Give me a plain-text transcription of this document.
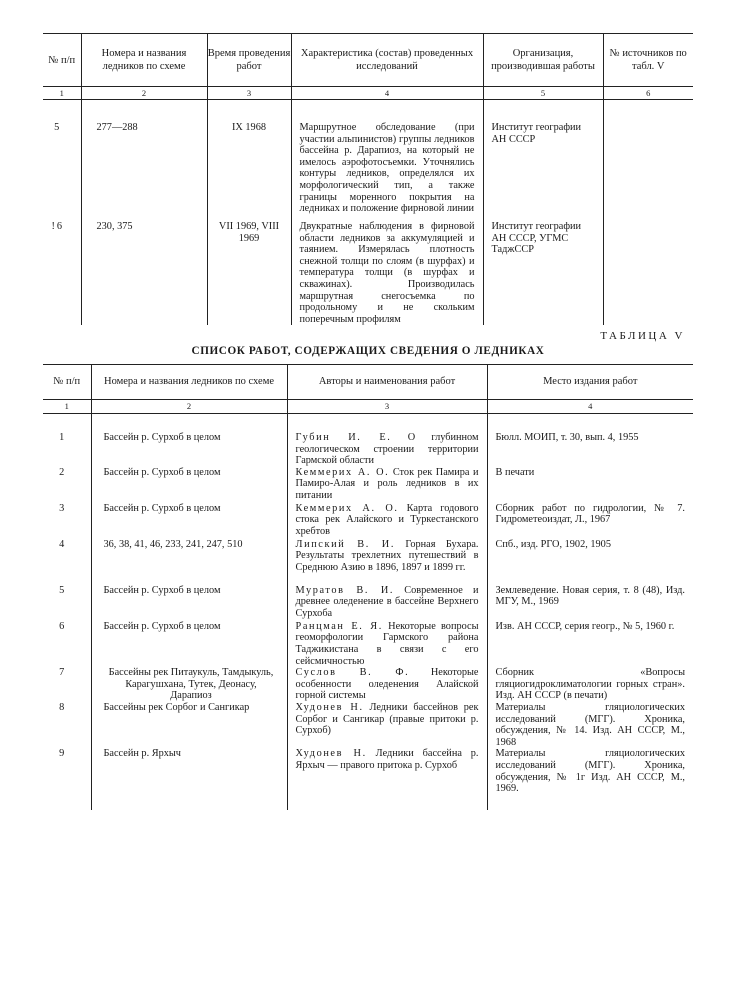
№ п/п	Номера и названия ледников по схеме	Время проведения работ	Характеристика (состав) проведенных исследований	Организация, производившая работы	№ источников по табл. V
1	2	3	4	5	6
5	277—288	IX 1968	Маршрутное обследование (при участии альпинистов) группы ледников бассейна р. Дарапиоз, на который не имелось аэрофотосъемки. Уточнялись контуры ледников, определялся их морфологический тип, а также границы моренного покрытия на ледниках и положение фирновой линии	Институт географии АН СССР	
! 6	230, 375	VII 1969, VIII 1969	Двукратные наблюдения в фирновой области ледников за аккумуляцией и таянием. Измерялась плотность снежной толщи по слоям (в шурфах) и температура толщи (в шурфах и скважинах). Производилась маршрутная снегосъемка по продольному и не скольким поперечным профилям	Институт географии АН СССР, УГМС ТаджССР	
ТАБЛИЦА V
СПИСОК РАБОТ, СОДЕРЖАЩИХ СВЕДЕНИЯ О ЛЕДНИКАХ
№ п/п	Номера и названия ледников по схеме	Авторы и наименования работ	Место издания работ
1	2	3	4
1	Бассейн р. Сурхоб в целом	Губин И. Е. О глубинном геологическом строении территории Гармской области	Бюлл. МОИП, т. 30, вып. 4, 1955
2	Бассейн р. Сурхоб в целом	Кеммерих А. О. Сток рек Памира и Памиро-Алая и роль ледников в их питании	В печати
3	Бассейн р. Сурхоб в целом	Кеммерих А. О. Карта годового стока рек Алайского и Туркестанского хребтов	Сборник работ по гидрологии, № 7. Гидрометеоиздат, Л., 1967
4	36, 38, 41, 46, 233, 241, 247, 510	Липский В. И. Горная Бухара. Результаты трехлетних путешествий в Среднюю Азию в 1896, 1897 и 1899 гг.	Спб., изд. РГО, 1902, 1905
5	Бассейн р. Сурхоб в целом	Муратов В. И. Современное и древнее оледенение в бассейне Верхнего Сурхоба	Землеведение. Новая серия, т. 8 (48), Изд. МГУ, М., 1969
6	Бассейн р. Сурхоб в целом	Ранцман Е. Я. Некоторые вопросы геоморфологии Гармского района Таджикистана в связи с его сейсмичностью	Изв. АН СССР, серия геогр., № 5, 1960 г.
7	Бассейны рек Питаукуль, Тамдыкуль, Карагушхана, Тутек, Деонасу, Дарапиоз	Суслов В. Ф. Некоторые особенности оледенения Алайской горной системы	Сборник «Вопросы гляциогидроклиматологии горных стран». Изд. АН СССР (в печати)
8	Бассейны рек Сорбог и Сангикар	Худонев Н. Ледники бассейнов рек Сорбог и Сангикар (правые притоки р. Сурхоб)	Материалы гляциологических исследований (МГГ). Хроника, обсуждения, № 14. Изд. АН СССР, М., 1968
9	Бассейн р. Ярхыч	Худонев Н. Ледники бассейна р. Ярхыч — правого притока р. Сурхоб	Материалы гляциологических исследований (МГГ). Хроника, обсуждения, № 1г Изд. АН СССР, М., 1969.
